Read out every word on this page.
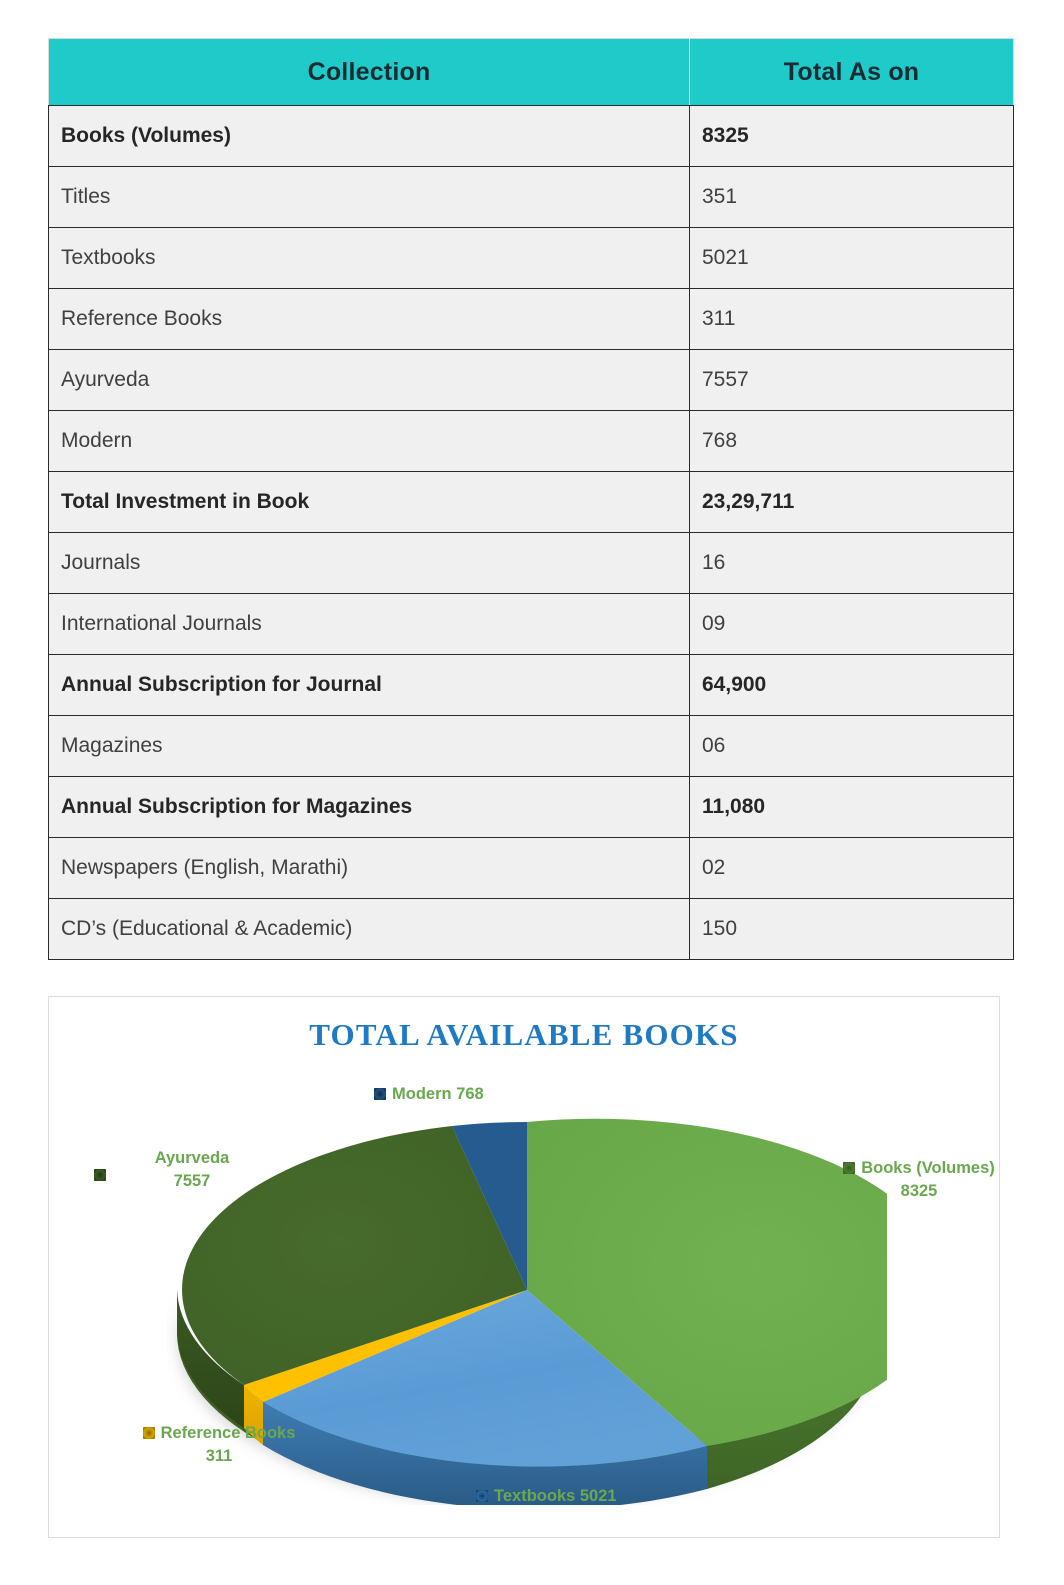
Collection	Total As on
Books (Volumes)	8325
Titles	351
Textbooks	5021
Reference Books	311
Ayurveda	7557
Modern	768
Total Investment in Book	23,29,711
Journals	16
International Journals	09
Annual Subscription for Journal	64,900
Magazines	06
Annual Subscription for Magazines	11,080
Newspapers (English, Marathi)	02
CD’s (Educational & Academic)	150
TOTAL AVAILABLE BOOKS
Books (Volumes)
8325
Ayurveda
7557
Modern 768
Reference Books
311
Textbooks 5021
